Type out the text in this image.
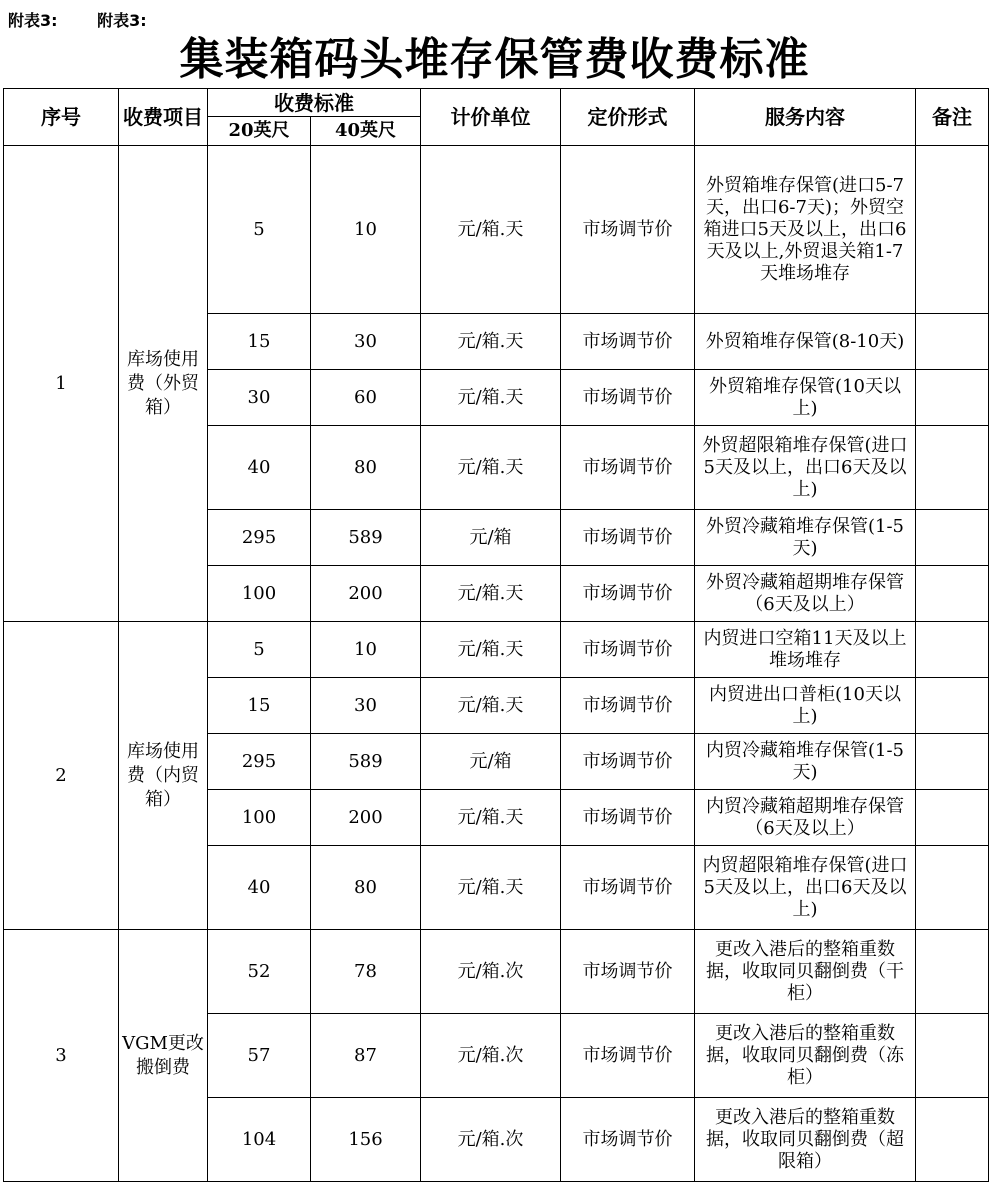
附表3: 附表3:
集装箱码头堆存保管费收费标准
序号	收费项目	收费标准		计价单位	定价形式	服务内容	备注
		20英尺	40英尺				
1	库场使用费（外贸箱）	5	10	元/箱.天	市场调节价	外贸箱堆存保管(进口5-7天，出口6-7天)；外贸空箱进口5天及以上，出口6天及以上,外贸退关箱1-7天堆场堆存	
		15	30	元/箱.天	市场调节价	外贸箱堆存保管(8-10天)	
		30	60	元/箱.天	市场调节价	外贸箱堆存保管(10天以上)	
		40	80	元/箱.天	市场调节价	外贸超限箱堆存保管(进口5天及以上，出口6天及以上)	
		295	589	元/箱	市场调节价	外贸冷藏箱堆存保管(1-5天)	
		100	200	元/箱.天	市场调节价	外贸冷藏箱超期堆存保管（6天及以上）	
2	库场使用费（内贸箱）	5	10	元/箱.天	市场调节价	内贸进口空箱11天及以上堆场堆存	
		15	30	元/箱.天	市场调节价	内贸进出口普柜(10天以上)	
		295	589	元/箱	市场调节价	内贸冷藏箱堆存保管(1-5天)	
		100	200	元/箱.天	市场调节价	内贸冷藏箱超期堆存保管（6天及以上）	
		40	80	元/箱.天	市场调节价	内贸超限箱堆存保管(进口5天及以上，出口6天及以上)	
3	VGM更改搬倒费	52	78	元/箱.次	市场调节价	更改入港后的整箱重数据，收取同贝翻倒费（干柜）	
		57	87	元/箱.次	市场调节价	更改入港后的整箱重数据，收取同贝翻倒费（冻柜）	
		104	156	元/箱.次	市场调节价	更改入港后的整箱重数据，收取同贝翻倒费（超限箱）	
